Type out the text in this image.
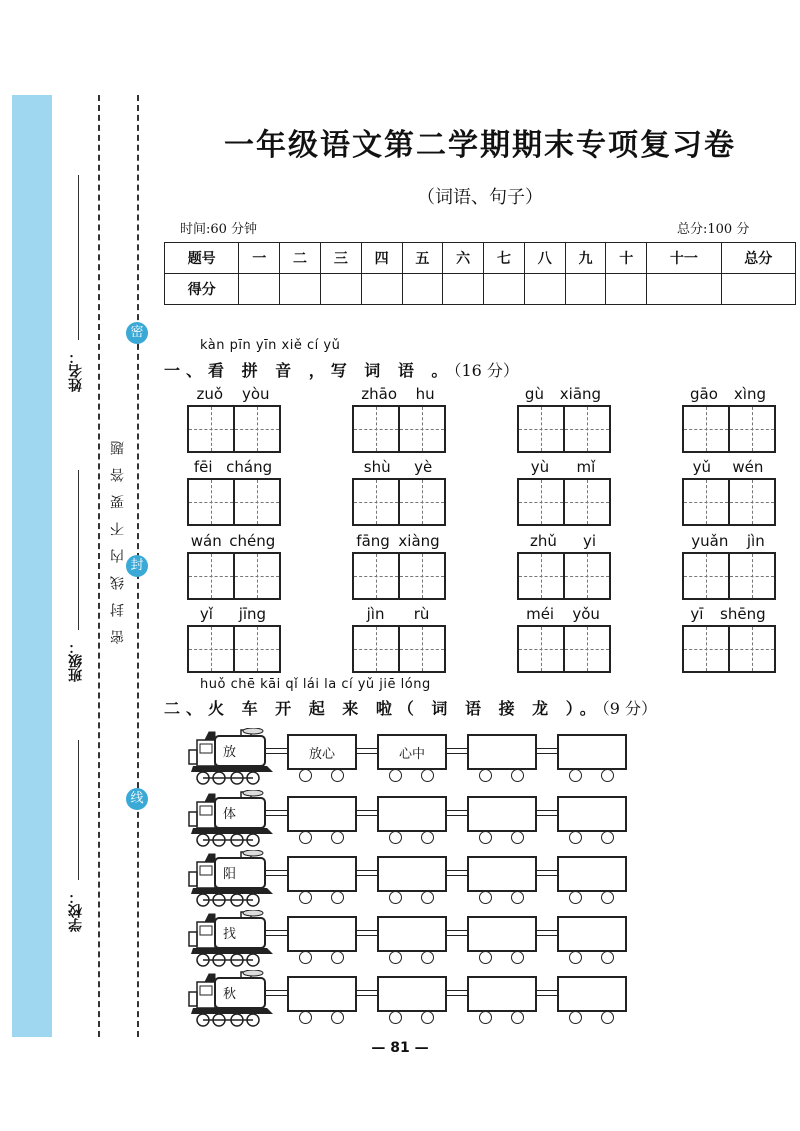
学校：
班级：
姓名：
密
封
线
密封线内不要答题
一年级语文第二学期期末专项复习卷
（词语、句子）
时间:60 分钟	总分:100 分
题号	一	二	三	四	五	六	七	八	九	十	十一	总分
得分												
kàn pīn yīn xiě cí yǔ
一、看 拼 音 ，写 词 语 。（16 分）
zuǒ yòu	zhāo hu	gù xiāng	gāo xìng
fēi cháng	shù yè	yù mǐ	yǔ wén
wán chéng	fāng xiàng	zhǔ yi	yuǎn jìn
yǐ jīng	jìn rù	méi yǒu	yī shēng
huǒ chē kāi qǐ lái la cí yǔ jiē lóng
二、火 车 开 起 来 啦（ 词 语 接 龙 ）。（9 分）
放	放心	心中
体
阳
找
秋
— 81 —
